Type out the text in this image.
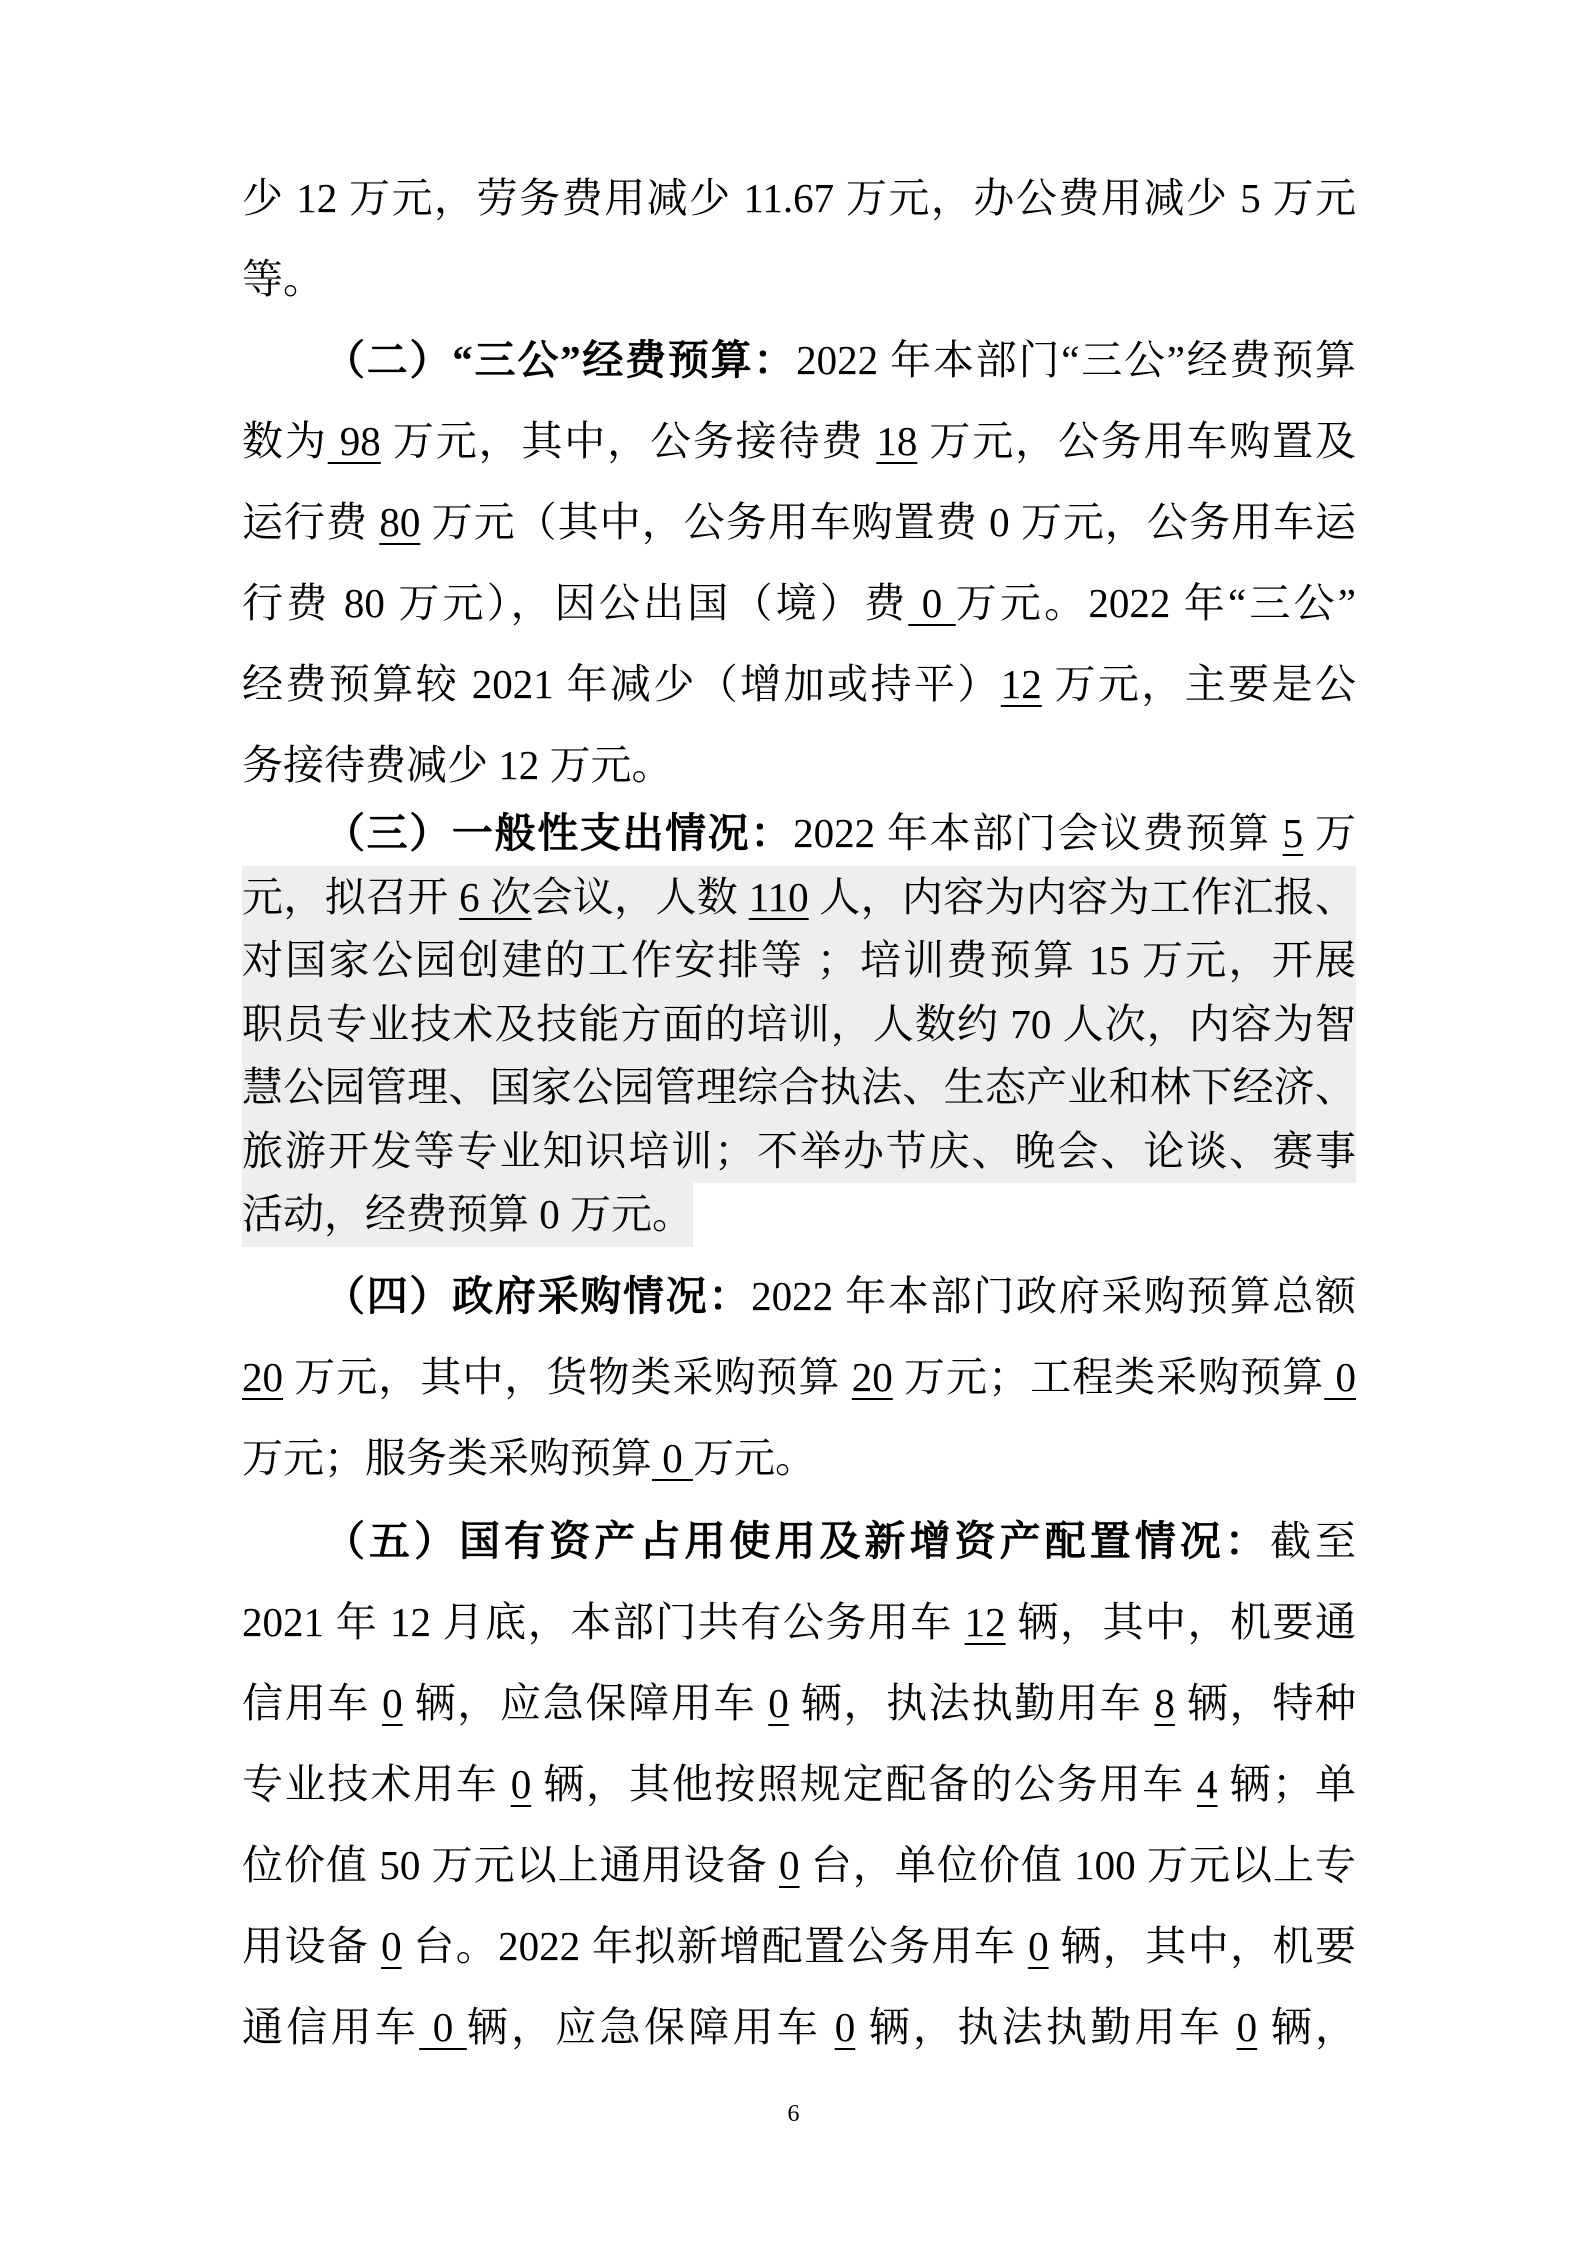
少 12 万元，劳务费用减少 11.67 万元，办公费用减少 5 万元
等。
（二）“三公”经费预算：2022 年本部门“三公”经费预算
数为 98 万元，其中，公务接待费 18 万元，公务用车购置及
运行费 80 万元（其中，公务用车购置费 0 万元，公务用车运
行费 80 万元），因公出国（境）费 0 万元。2022 年“三公”
经费预算较 2021 年减少（增加或持平）12 万元，主要是公
务接待费减少 12 万元。
（三）一般性支出情况：2022 年本部门会议费预算 5 万
元，拟召开 6 次会议，人数 110 人，内容为内容为工作汇报、
对国家公园创建的工作安排等 ；培训费预算 15 万元，开展
职员专业技术及技能方面的培训，人数约 70 人次，内容为智
慧公园管理、国家公园管理综合执法、生态产业和林下经济、
旅游开发等专业知识培训；不举办节庆、晚会、论谈、赛事
活动，经费预算 0 万元。
（四）政府采购情况：2022 年本部门政府采购预算总额
20 万元，其中，货物类采购预算 20 万元；工程类采购预算 0
万元；服务类采购预算 0 万元。
（五）国有资产占用使用及新增资产配置情况：截至
2021 年 12 月底，本部门共有公务用车 12 辆，其中，机要通
信用车 0 辆，应急保障用车 0 辆，执法执勤用车 8 辆，特种
专业技术用车 0 辆，其他按照规定配备的公务用车 4 辆；单
位价值 50 万元以上通用设备 0 台，单位价值 100 万元以上专
用设备 0 台。2022 年拟新增配置公务用车 0 辆，其中，机要
通信用车 0 辆，应急保障用车 0 辆，执法执勤用车 0 辆，
6
